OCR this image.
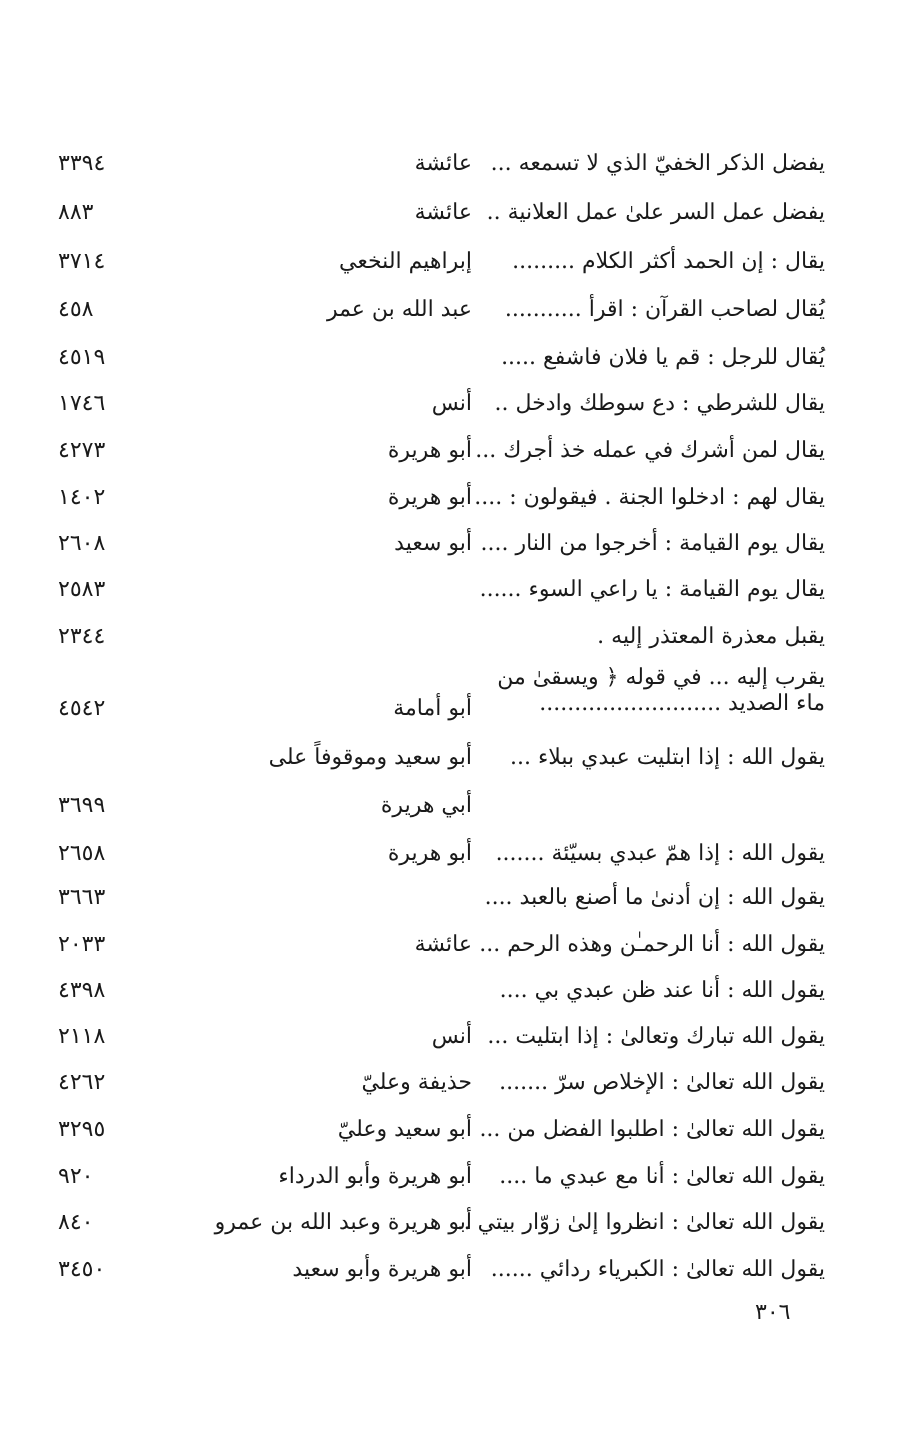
يفضل الذكر الخفيّ الذي لا تسمعه ...
عائشة
٣٣٩٤
يفضل عمل السر علىٰ عمل العلانية ..
عائشة
٨٨٣
يقال : إن الحمد أكثر الكلام .........
إبراهيم النخعي
٣٧١٤
يُقال لصاحب القرآن : اقرأ ...........
عبد الله بن عمر
٤٥٨
يُقال للرجل : قم يا فلان فاشفع .....
٤٥١٩
يقال للشرطي : دع سوطك وادخل ..
أنس
١٧٤٦
يقال لمن أشرك في عمله خذ أجرك ...
أبو هريرة
٤٢٧٣
يقال لهم : ادخلوا الجنة . فيقولون : ....
أبو هريرة
١٤٠٢
يقال يوم القيامة : أخرجوا من النار ....
أبو سعيد
٢٦٠٨
يقال يوم القيامة : يا راعي السوء ......
٢٥٨٣
يقبل معذرة المعتذر إليه .
٢٣٤٤
يقرب إليه ... في قوله ﴿ ويسقىٰ من ماء الصديد ..........................
أبو أمامة
٤٥٤٢
يقول الله : إذا ابتليت عبدي ببلاء ...
أبو سعيد وموقوفاً على
أبي هريرة
٣٦٩٩
يقول الله : إذا همّ عبدي بسيّئة .......
أبو هريرة
٢٦٥٨
يقول الله : إن أدنىٰ ما أصنع بالعبد ....
٣٦٦٣
يقول الله : أنا الرحمـٰن وهذه الرحم ...
عائشة
٢٠٣٣
يقول الله : أنا عند ظن عبدي بي ....
٤٣٩٨
يقول الله تبارك وتعالىٰ : إذا ابتليت ...
أنس
٢١١٨
يقول الله تعالىٰ : الإخلاص سرّ .......
حذيفة وعليّ
٤٢٦٢
يقول الله تعالىٰ : اطلبوا الفضل من ...
أبو سعيد وعليّ
٣٢٩٥
يقول الله تعالىٰ : أنا مع عبدي ما ....
أبو هريرة وأبو الدرداء
٩٢٠
يقول الله تعالىٰ : انظروا إلىٰ زوّار بيتي ..
أبو هريرة وعبد الله بن عمرو
٨٤٠
يقول الله تعالىٰ : الكبرياء ردائي ......
أبو هريرة وأبو سعيد
٣٤٥٠
٣٠٦
